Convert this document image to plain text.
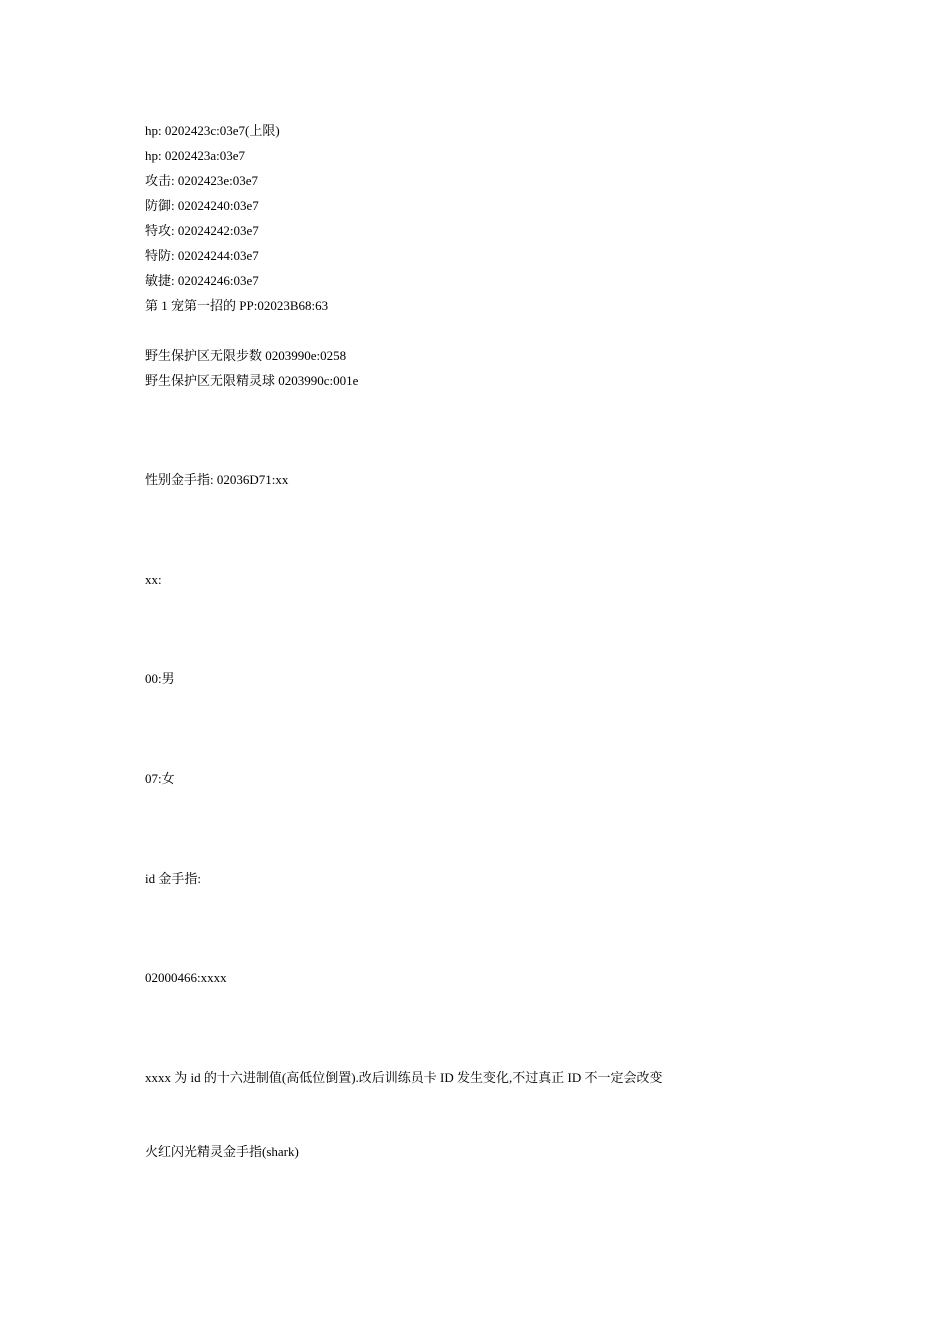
hp: 0202423c:03e7(上限)
hp: 0202423a:03e7
攻击: 0202423e:03e7
防御: 02024240:03e7
特攻: 02024242:03e7
特防: 02024244:03e7
敏捷: 02024246:03e7
第 1 宠第一招的 PP:02023B68:63
野生保护区无限步数 0203990e:0258
野生保护区无限精灵球 0203990c:001e
性别金手指: 02036D71:xx
xx:
00:男
07:女
id 金手指:
02000466:xxxx
xxxx 为 id 的十六进制值(高低位倒置).改后训练员卡 ID 发生变化,不过真正 ID 不一定会改变
火红闪光精灵金手指(shark)
